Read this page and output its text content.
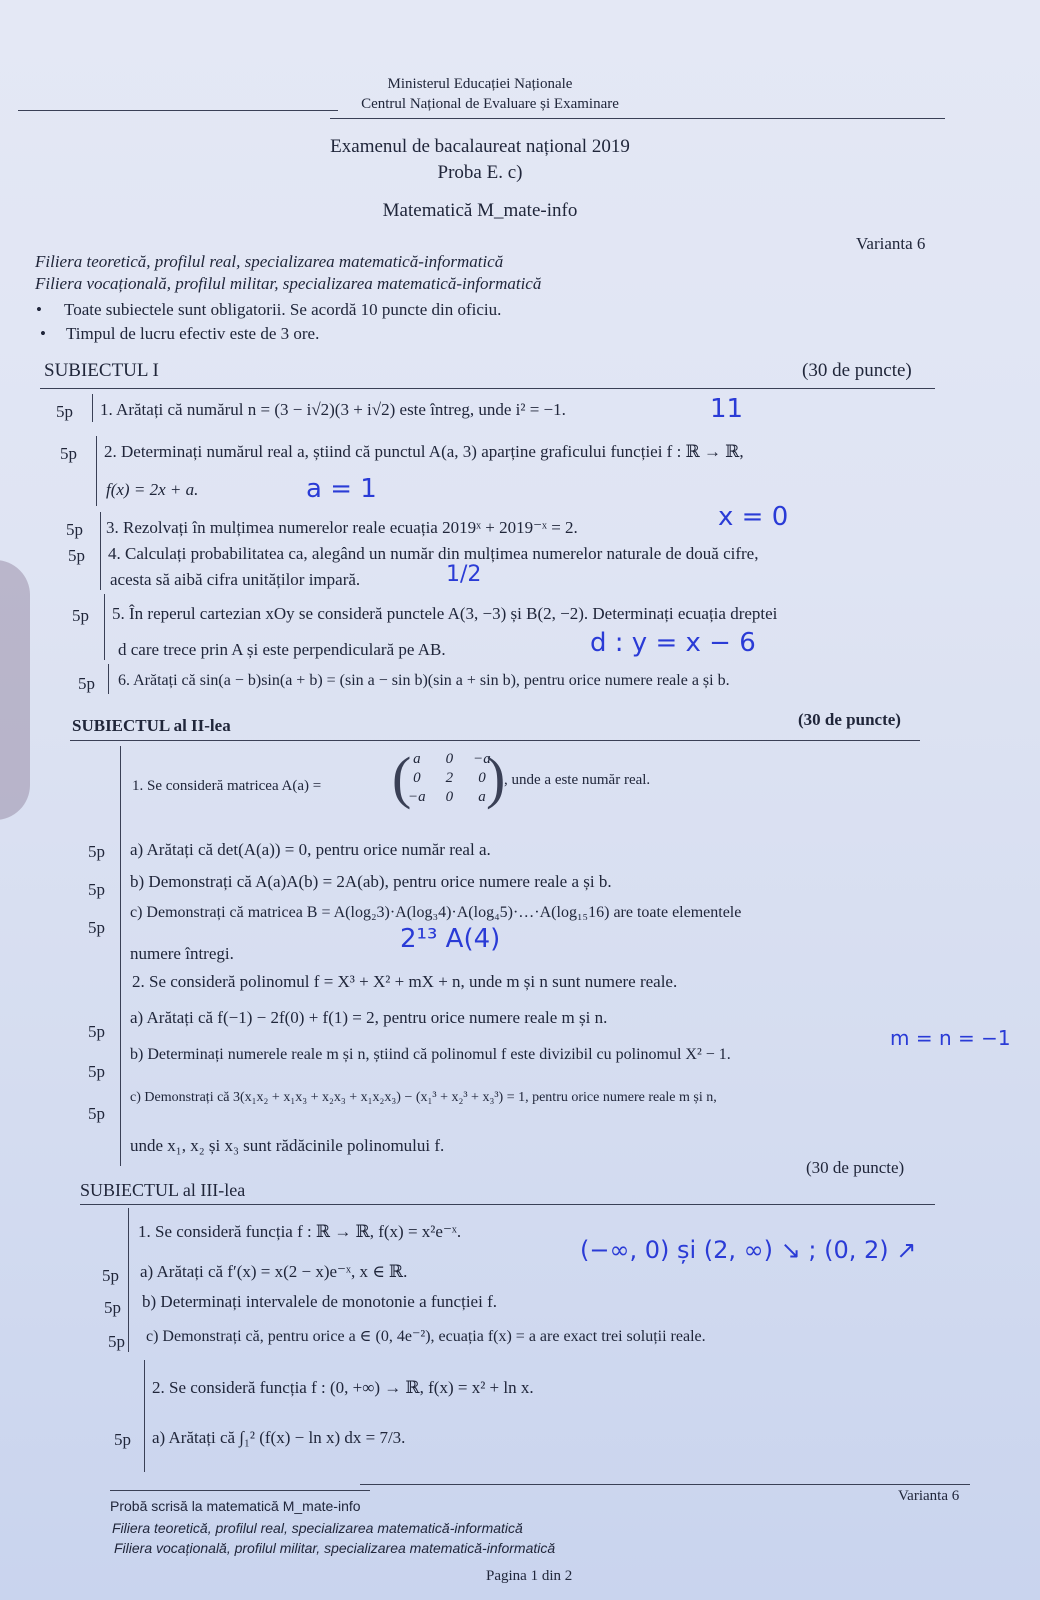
Ministerul Educației Naționale
Centrul Național de Evaluare și Examinare
Examenul de bacalaureat național 2019
Proba E. c)
Matematică M_mate-info
Varianta 6
Filiera teoretică, profilul real, specializarea matematică-informatică
Filiera vocațională, profilul militar, specializarea matematică-informatică
• Toate subiectele sunt obligatorii. Se acordă 10 puncte din oficiu.
• Timpul de lucru efectiv este de 3 ore.
SUBIECTUL I	(30 de puncte)
5p 1. Arătați că numărul n = (3 − i√2)(3 + i√2) este întreg, unde i² = −1.	11
5p 2. Determinați numărul real a, știind că punctul A(a, 3) aparține graficului funcției f : ℝ → ℝ,
f(x) = 2x + a.	a = 1
5p 3. Rezolvați în mulțimea numerelor reale ecuația 2019ˣ + 2019⁻ˣ = 2.	x = 0
5p 4. Calculați probabilitatea ca, alegând un număr din mulțimea numerelor naturale de două cifre,
acesta să aibă cifra unităților impară.	1/2
5p 5. În reperul cartezian xOy se consideră punctele A(3, −3) și B(2, −2). Determinați ecuația dreptei
d care trece prin A și este perpendiculară pe AB.	d : y = x − 6
5p 6. Arătați că sin(a − b)sin(a + b) = (sin a − sin b)(sin a + sin b), pentru orice numere reale a și b.
SUBIECTUL al II-lea	(30 de puncte)
1. Se consideră matricea A(a) = ( a	0	−a
0	2	0
−a	0	a )
, unde a este număr real.
5p a) Arătați că det(A(a)) = 0, pentru orice număr real a.
5p b) Demonstrați că A(a)A(b) = 2A(ab), pentru orice numere reale a și b.
5p
c) Demonstrați că matricea B = A(log₂3)·A(log₃4)·A(log₄5)·…·A(log₁₅16) are toate elementele
numere întregi.	2¹³ A(4)
2. Se consideră polinomul f = X³ + X² + mX + n, unde m și n sunt numere reale.
5p
a) Arătați că f(−1) − 2f(0) + f(1) = 2, pentru orice numere reale m și n.
5p
b) Determinați numerele reale m și n, știind că polinomul f este divizibil cu polinomul X² − 1.
m = n = −1
5p
c) Demonstrați că 3(x₁x₂ + x₁x₃ + x₂x₃ + x₁x₂x₃) − (x₁³ + x₂³ + x₃³) = 1, pentru orice numere reale m și n,
unde x₁, x₂ și x₃ sunt rădăcinile polinomului f.
(30 de puncte)
SUBIECTUL al III-lea
1. Se consideră funcția f : ℝ → ℝ, f(x) = x²e⁻ˣ.
5p a) Arătați că f′(x) = x(2 − x)e⁻ˣ, x ∈ ℝ.
5p b) Determinați intervalele de monotonie a funcției f.
(−∞, 0) și (2, ∞) ↘ ; (0, 2) ↗
5p c) Demonstrați că, pentru orice a ∈ (0, 4e⁻²), ecuația f(x) = a are exact trei soluții reale.
2. Se consideră funcția f : (0, +∞) → ℝ, f(x) = x² + ln x.
5p a) Arătați că ∫₁² (f(x) − ln x) dx = 7/3.
Probă scrisă la matematică M_mate-info
Varianta 6
Filiera teoretică, profilul real, specializarea matematică-informatică
Filiera vocațională, profilul militar, specializarea matematică-informatică
Pagina 1 din 2
